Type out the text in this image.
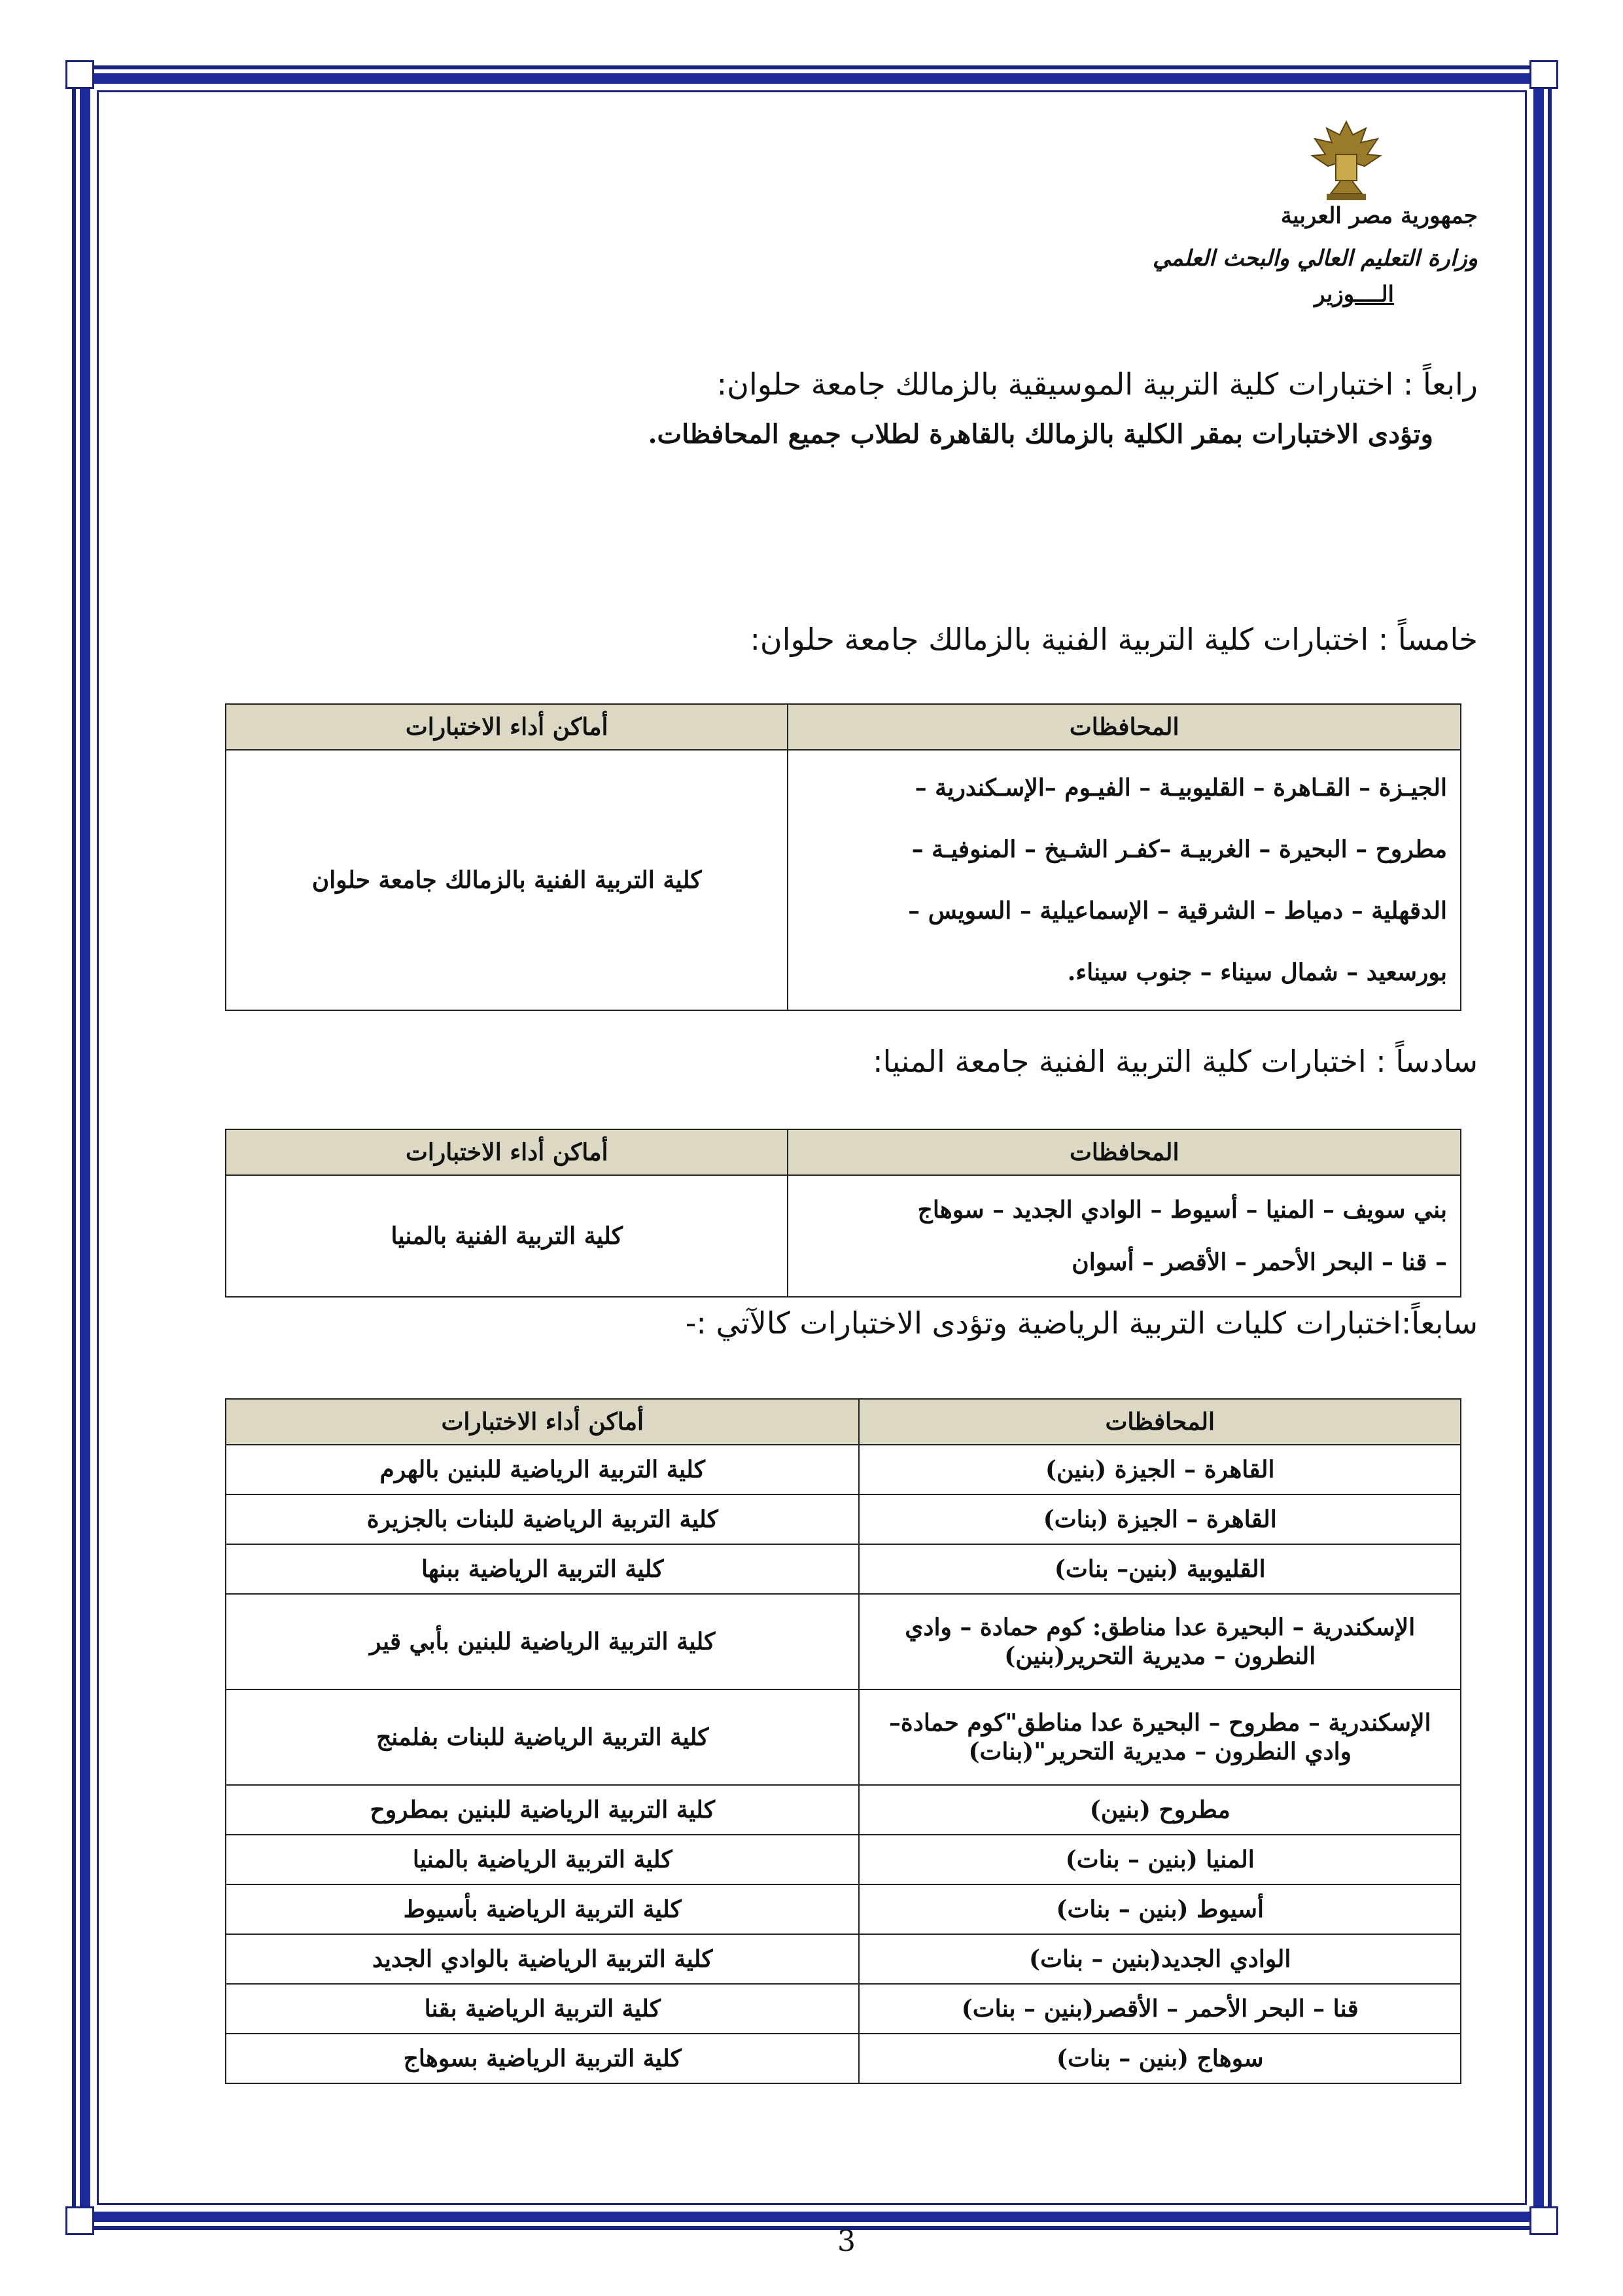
جمهورية مصر العربية
وزارة التعليم العالي والبحث العلمي
الــــوزير
رابعاً : اختبارات كلية التربية الموسيقية بالزمالك جامعة حلوان:
وتؤدى الاختبارات بمقر الكلية بالزمالك بالقاهرة لطلاب جميع المحافظات.
خامساً : اختبارات كلية التربية الفنية بالزمالك جامعة حلوان:
المحافظات	أماكن أداء الاختبارات

الجيـزة – القـاهرة – القليوبيـة – الفيـوم –الإسـكندرية –
مطروح – البحيرة – الغربيـة –كفـر الشـيخ – المنوفيـة –
الدقهلية – دمياط – الشرقية – الإسماعيلية – السويس –
بورسعيد – شمال سيناء – جنوب سيناء.	كلية التربية الفنية بالزمالك جامعة حلوان
سادساً : اختبارات كلية التربية الفنية جامعة المنيا:
المحافظات	أماكن أداء الاختبارات

بني سويف – المنيا – أسيوط – الوادي الجديد – سوهاج
– قنا – البحر الأحمر – الأقصر – أسوان	كلية التربية الفنية بالمنيا
سابعاً:اختبارات كليات التربية الرياضية وتؤدى الاختبارات كالآتي :-
المحافظات	أماكن أداء الاختبارات
القاهرة – الجيزة (بنين)	كلية التربية الرياضية للبنين بالهرم
القاهرة – الجيزة (بنات)	كلية التربية الرياضية للبنات بالجزيرة
القليوبية (بنين– بنات)	كلية التربية الرياضية ببنها
الإسكندرية – البحيرة عدا مناطق: كوم حمادة – وادي النطرون – مديرية التحرير(بنين)	كلية التربية الرياضية للبنين بأبي قير
الإسكندرية – مطروح – البحيرة عدا مناطق"كوم حمادة– وادي النطرون – مديرية التحرير"(بنات)	كلية التربية الرياضية للبنات بفلمنج
مطروح (بنين)	كلية التربية الرياضية للبنين بمطروح
المنيا (بنين – بنات)	كلية التربية الرياضية بالمنيا
أسيوط (بنين – بنات)	كلية التربية الرياضية بأسيوط
الوادي الجديد(بنين – بنات)	كلية التربية الرياضية بالوادي الجديد
قنا – البحر الأحمر – الأقصر(بنين – بنات)	كلية التربية الرياضية بقنا
سوهاج (بنين – بنات)	كلية التربية الرياضية بسوهاج
3
